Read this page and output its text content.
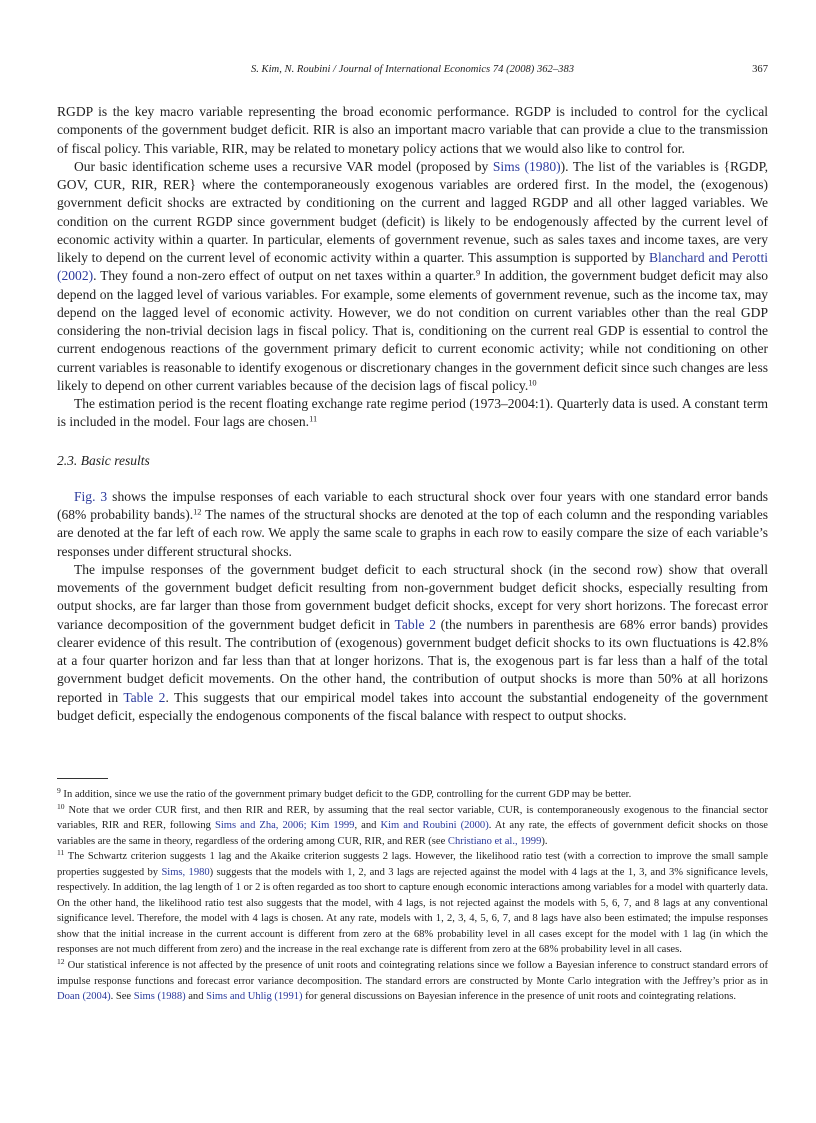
S. Kim, N. Roubini / Journal of International Economics 74 (2008) 362–383	367

RGDP is the key macro variable representing the broad economic performance. RGDP is included to control for the cyclical components of the government budget deficit. RIR is also an important macro variable that can provide a clue to the transmission of fiscal policy. This variable, RIR, may be related to monetary policy actions that we would also like to control for.

Our basic identification scheme uses a recursive VAR model (proposed by Sims (1980)). The list of the variables is {RGDP, GOV, CUR, RIR, RER} where the contemporaneously exogenous variables are ordered first. In the model, the (exogenous) government deficit shocks are extracted by conditioning on the current and lagged RGDP and all other lagged variables. We condition on the current RGDP since government budget (deficit) is likely to be endogenously affected by the current level of economic activity within a quarter. In particular, elements of government revenue, such as sales taxes and income taxes, are very likely to depend on the current level of economic activity within a quarter. This assumption is supported by Blanchard and Perotti (2002). They found a non-zero effect of output on net taxes within a quarter.$^9$ In addition, the government budget deficit may also depend on the lagged level of various variables. For example, some elements of government revenue, such as the income tax, may depend on the lagged level of economic activity. However, we do not condition on current variables other than the real GDP considering the non-trivial decision lags in fiscal policy. That is, conditioning on the current real GDP is essential to control the current endogenous reactions of the government primary deficit to current economic activity; while not conditioning on other current variables is reasonable to identify exogenous or discretionary changes in the government deficit since such changes are less likely to depend on other current variables because of the decision lags of fiscal policy.$^{10}$

The estimation period is the recent floating exchange rate regime period (1973–2004:1). Quarterly data is used. A constant term is included in the model. Four lags are chosen.$^{11}$

2.3. Basic results

Fig. 3 shows the impulse responses of each variable to each structural shock over four years with one standard error bands (68% probability bands).$^{12}$ The names of the structural shocks are denoted at the top of each column and the responding variables are denoted at the far left of each row. We apply the same scale to graphs in each row to easily compare the size of each variable’s responses under different structural shocks.

The impulse responses of the government budget deficit to each structural shock (in the second row) show that overall movements of the government budget deficit resulting from non-government budget deficit shocks, especially resulting from output shocks, are far larger than those from government budget deficit shocks, except for very short horizons. The forecast error variance decomposition of the government budget deficit in Table 2 (the numbers in parenthesis are 68% error bands) provides clearer evidence of this result. The contribution of (exogenous) government budget deficit shocks to its own fluctuations is 42.8% at a four quarter horizon and far less than that at longer horizons. That is, the exogenous part is far less than a half of the total government budget deficit movements. On the other hand, the contribution of output shocks is more than 50% at all horizons reported in Table 2. This suggests that our empirical model takes into account the substantial endogeneity of the government budget deficit, especially the endogenous components of the fiscal balance with respect to output shocks.

$^9$ In addition, since we use the ratio of the government primary budget deficit to the GDP, controlling for the current GDP may be better.

$^{10}$ Note that we order CUR first, and then RIR and RER, by assuming that the real sector variable, CUR, is contemporaneously exogenous to the financial sector variables, RIR and RER, following Sims and Zha, 2006; Kim 1999, and Kim and Roubini (2000). At any rate, the effects of government deficit shocks on those variables are the same in theory, regardless of the ordering among CUR, RIR, and RER (see Christiano et al., 1999).

$^{11}$ The Schwartz criterion suggests 1 lag and the Akaike criterion suggests 2 lags. However, the likelihood ratio test (with a correction to improve the small sample properties suggested by Sims, 1980) suggests that the models with 1, 2, and 3 lags are rejected against the model with 4 lags at the 1, 3, and 3% significance levels, respectively. In addition, the lag length of 1 or 2 is often regarded as too short to capture enough economic interactions among variables for a model with quarterly data. On the other hand, the likelihood ratio test also suggests that the model, with 4 lags, is not rejected against the models with 5, 6, 7, and 8 lags at any conventional significance level. Therefore, the model with 4 lags is chosen. At any rate, models with 1, 2, 3, 4, 5, 6, 7, and 8 lags have also been estimated; the impulse responses show that the initial increase in the current account is different from zero at the 68% probability level in all cases except for the model with 1 lag (in which the responses are not much different from zero) and the increase in the real exchange rate is different from zero at the 68% probability level in all cases.

$^{12}$ Our statistical inference is not affected by the presence of unit roots and cointegrating relations since we follow a Bayesian inference to construct standard errors of impulse response functions and forecast error variance decomposition. The standard errors are constructed by Monte Carlo integration with the Jeffrey’s prior as in Doan (2004). See Sims (1988) and Sims and Uhlig (1991) for general discussions on Bayesian inference in the presence of unit roots and cointegrating relations.
